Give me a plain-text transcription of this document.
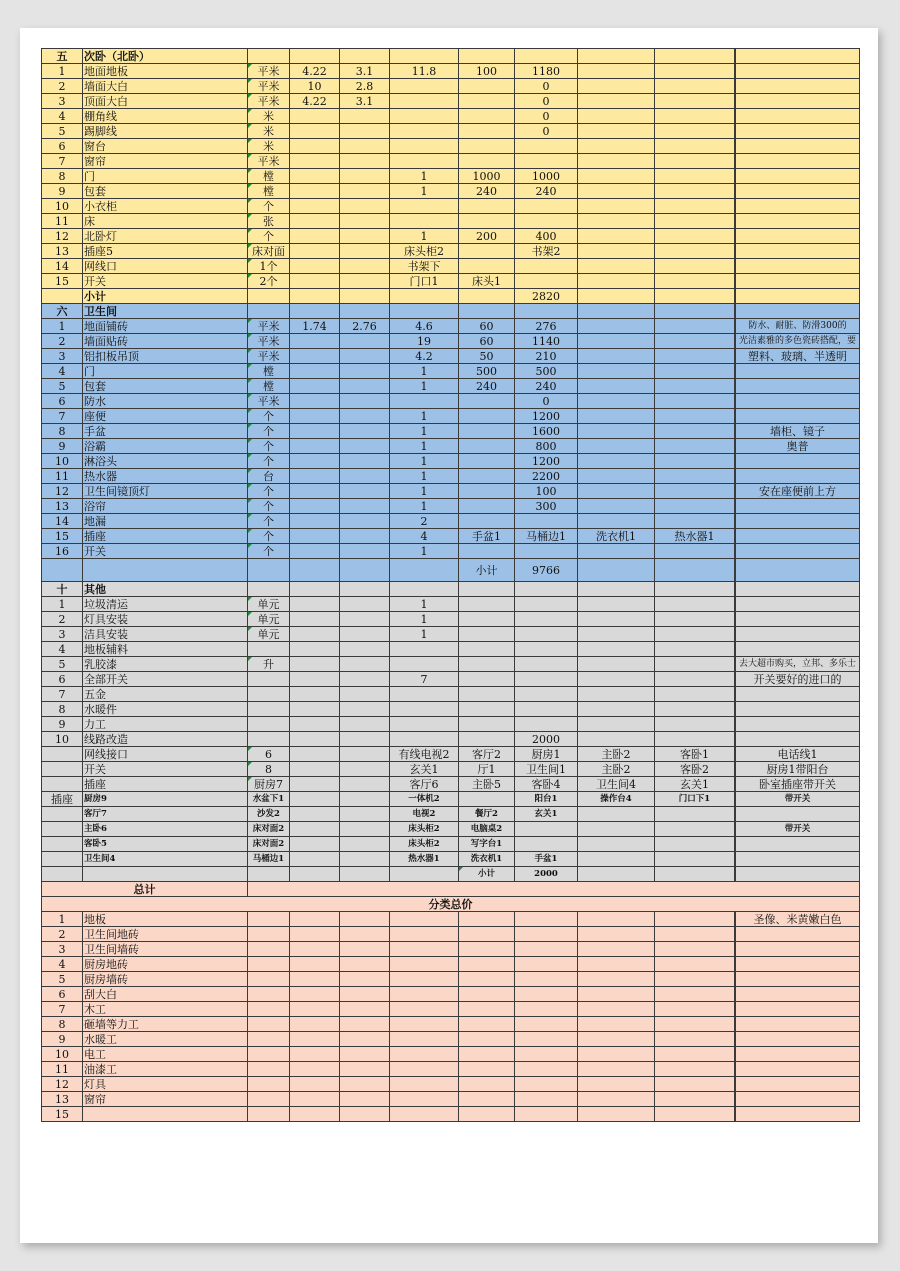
五	次卧（北卧）										
1	地面地板	平米	4.22	3.1	11.8	100	1180				
2	墙面大白	平米	10	2.8			0				
3	顶面大白	平米	4.22	3.1			0				
4	棚角线	米					0				
5	踢脚线	米					0				
6	窗台	米									
7	窗帘	平米									
8	门	樘			1	1000	1000				
9	包套	樘			1	240	240				
10	小衣柜	个									
11	床	张									
12	北卧灯	个			1	200	400				
13	插座5	床对面			床头柜2		书架2				
14	网线口	1个			书架下						
15	开关	2个			门口1	床头1					
	小计						2820				
六	卫生间										
1	地面铺砖	平米	1.74	2.76	4.6	60	276				防水、耐脏、防滑300的
2	墙面贴砖	平米			19	60	1140				光洁素雅的多色瓷砖搭配，要
3	铝扣板吊顶	平米			4.2	50	210				塑料、玻璃、半透明
4	门	樘			1	500	500				
5	包套	樘			1	240	240				
6	防水	平米					0				
7	座便	个			1		1200				
8	手盆	个			1		1600				墙柜、镜子
9	浴霸	个			1		800				奥普
10	淋浴头	个			1		1200				
11	热水器	台			1		2200				
12	卫生间镜顶灯	个			1		100				安在座便前上方
13	浴帘	个			1		300				
14	地漏	个			2						
15	插座	个			4	手盆1	马桶边1	洗衣机1	热水器1		
16	开关	个			1						
						小计	9766				
十	其他										
1	垃圾清运	单元			1						
2	灯具安装	单元			1						
3	洁具安装	单元			1						
4	地板辅料										
5	乳胶漆	升									去大超市购买，立邦、多乐士
6	全部开关				7						开关要好的进口的
7	五金										
8	水暖件										
9	力工										
10	线路改造						2000				
	网线接口	6			有线电视2	客厅2	厨房1	主卧2	客卧1		电话线1
	开关	8			玄关1	厅1	卫生间1	主卧2	客卧2		厨房1带阳台
	插座	厨房7			客厅6	主卧5	客卧4	卫生间4	玄关1		卧室插座带开关
插座	厨房9	水盆下1			一体机2		阳台1	操作台4	门口下1		带开关
	客厅7	沙发2			电视2	餐厅2	玄关1				
	主卧6	床对面2			床头柜2	电脑桌2					带开关
	客卧5	床对面2			床头柜2	写字台1					
	卫生间4	马桶边1			热水器1	洗衣机1	手盆1				
						小计	2000				
总计										
分类总价										
1	地板										圣像、米黄嫩白色
2	卫生间地砖										
3	卫生间墙砖										
4	厨房地砖										
5	厨房墙砖										
6	刮大白										
7	木工										
8	砸墙等力工										
9	水暖工										
10	电工										
11	油漆工										
12	灯具										
13	窗帘										
15											
